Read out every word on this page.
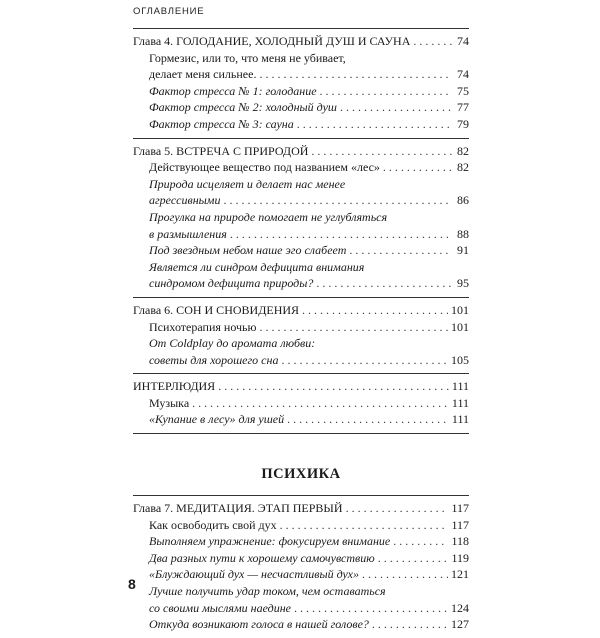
ОГЛАВЛЕНИЕ
Глава 4. ГОЛОДАНИЕ, ХОЛОДНЫЙ ДУШ И САУНА . . .	74
Гормезис, или то, что меня не убивает,
делает меня сильнее. . . .	74
Фактор стресса № 1: голодание . . .	75
Фактор стресса № 2: холодный душ . . .	77
Фактор стресса № 3: сауна . . .	79
Глава 5. ВСТРЕЧА С ПРИРОДОЙ . . .	82
Действующее вещество под названием «лес» . . .	82
Природа исцеляет и делает нас менее
агрессивными . . .	86
Прогулка на природе помогает не углубляться
в размышления . . .	88
Под звездным небом наше эго слабеет . . .	91
Является ли синдром дефицита внимания
синдромом дефицита природы? . . .	95
Глава 6. СОН И СНОВИДЕНИЯ . . .	101
Психотерапия ночью . . .	101
От Coldplay до аромата любви:
советы для хорошего сна . . .	105
ИНТЕРЛЮДИЯ . . .	111
Музыка . . .	111
«Купание в лесу» для ушей . . .	111
ПСИХИКА
Глава 7. МЕДИТАЦИЯ. ЭТАП ПЕРВЫЙ . . .	117
Как освободить свой дух . . .	117
Выполняем упражнение: фокусируем внимание . . .	118
Два разных пути к хорошему самочувствию . . .	119
«Блуждающий дух — несчастливый дух» . . .	121
Лучше получить удар током, чем оставаться
со своими мыслями наедине . . .	124
Откуда возникают голоса в нашей голове? . . .	127
8
